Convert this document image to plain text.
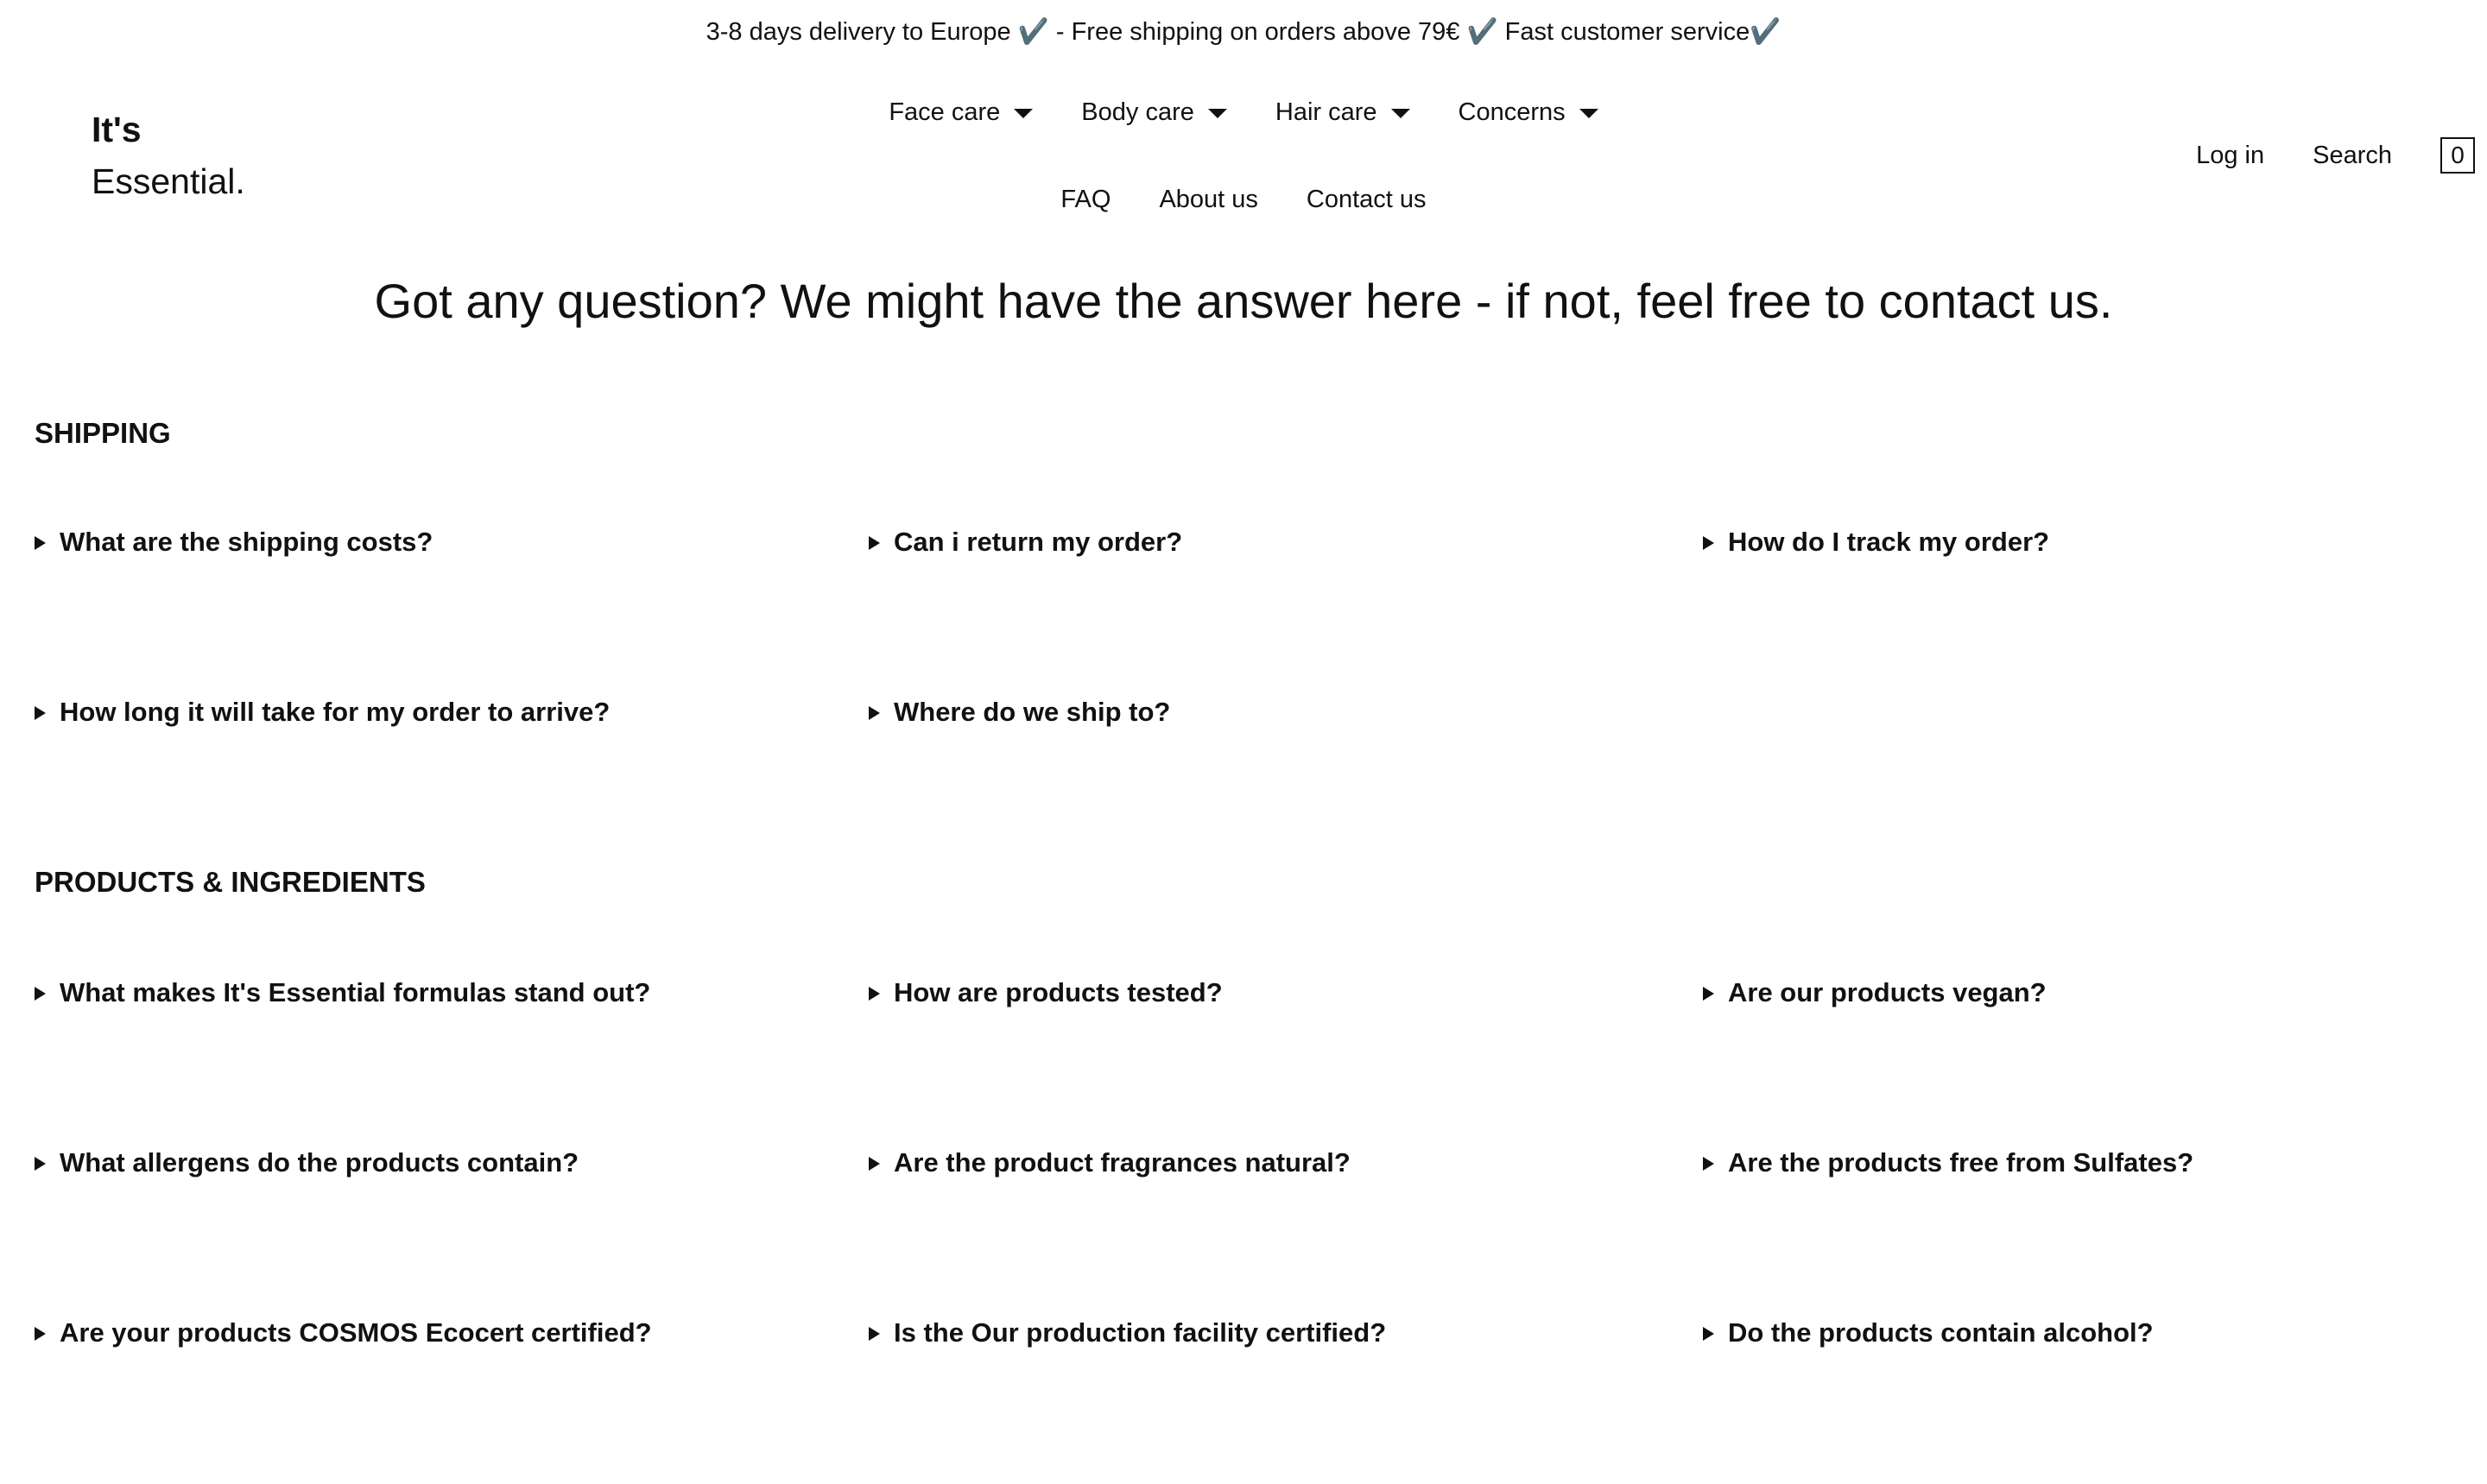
3-8 days delivery to Europe ✔️ - Free shipping on orders above 79€ ✔️ Fast customer service✔️
It's
Essential.
Face care	Body care	Hair care	Concerns
FAQ About us Contact us
Log in Search	0
Got any question? We might have the answer here - if not, feel free to contact us.
SHIPPING
What are the shipping costs?	Can i return my order?	How do I track my order?
How long it will take for my order to arrive?	Where do we ship to?
PRODUCTS & INGREDIENTS
What makes It's Essential formulas stand out?	How are products tested?	Are our products vegan?
What allergens do the products contain?	Are the product fragrances natural?	Are the products free from Sulfates?
Are your products COSMOS Ecocert certified?	Is the Our production facility certified?	Do the products contain alcohol?
